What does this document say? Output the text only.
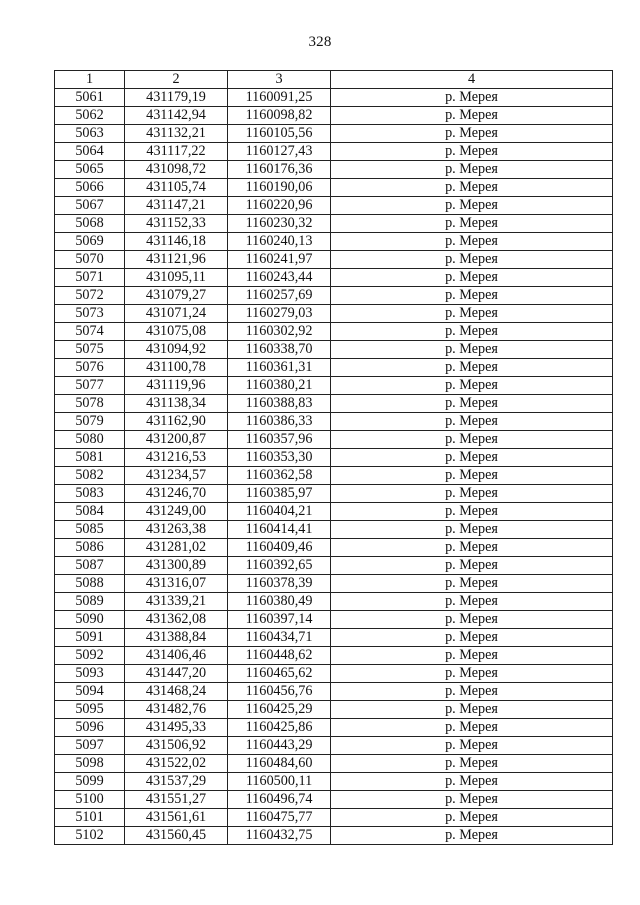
328
1	2	3	4
5061	431179,19	1160091,25	р. Мерея
5062	431142,94	1160098,82	р. Мерея
5063	431132,21	1160105,56	р. Мерея
5064	431117,22	1160127,43	р. Мерея
5065	431098,72	1160176,36	р. Мерея
5066	431105,74	1160190,06	р. Мерея
5067	431147,21	1160220,96	р. Мерея
5068	431152,33	1160230,32	р. Мерея
5069	431146,18	1160240,13	р. Мерея
5070	431121,96	1160241,97	р. Мерея
5071	431095,11	1160243,44	р. Мерея
5072	431079,27	1160257,69	р. Мерея
5073	431071,24	1160279,03	р. Мерея
5074	431075,08	1160302,92	р. Мерея
5075	431094,92	1160338,70	р. Мерея
5076	431100,78	1160361,31	р. Мерея
5077	431119,96	1160380,21	р. Мерея
5078	431138,34	1160388,83	р. Мерея
5079	431162,90	1160386,33	р. Мерея
5080	431200,87	1160357,96	р. Мерея
5081	431216,53	1160353,30	р. Мерея
5082	431234,57	1160362,58	р. Мерея
5083	431246,70	1160385,97	р. Мерея
5084	431249,00	1160404,21	р. Мерея
5085	431263,38	1160414,41	р. Мерея
5086	431281,02	1160409,46	р. Мерея
5087	431300,89	1160392,65	р. Мерея
5088	431316,07	1160378,39	р. Мерея
5089	431339,21	1160380,49	р. Мерея
5090	431362,08	1160397,14	р. Мерея
5091	431388,84	1160434,71	р. Мерея
5092	431406,46	1160448,62	р. Мерея
5093	431447,20	1160465,62	р. Мерея
5094	431468,24	1160456,76	р. Мерея
5095	431482,76	1160425,29	р. Мерея
5096	431495,33	1160425,86	р. Мерея
5097	431506,92	1160443,29	р. Мерея
5098	431522,02	1160484,60	р. Мерея
5099	431537,29	1160500,11	р. Мерея
5100	431551,27	1160496,74	р. Мерея
5101	431561,61	1160475,77	р. Мерея
5102	431560,45	1160432,75	р. Мерея
